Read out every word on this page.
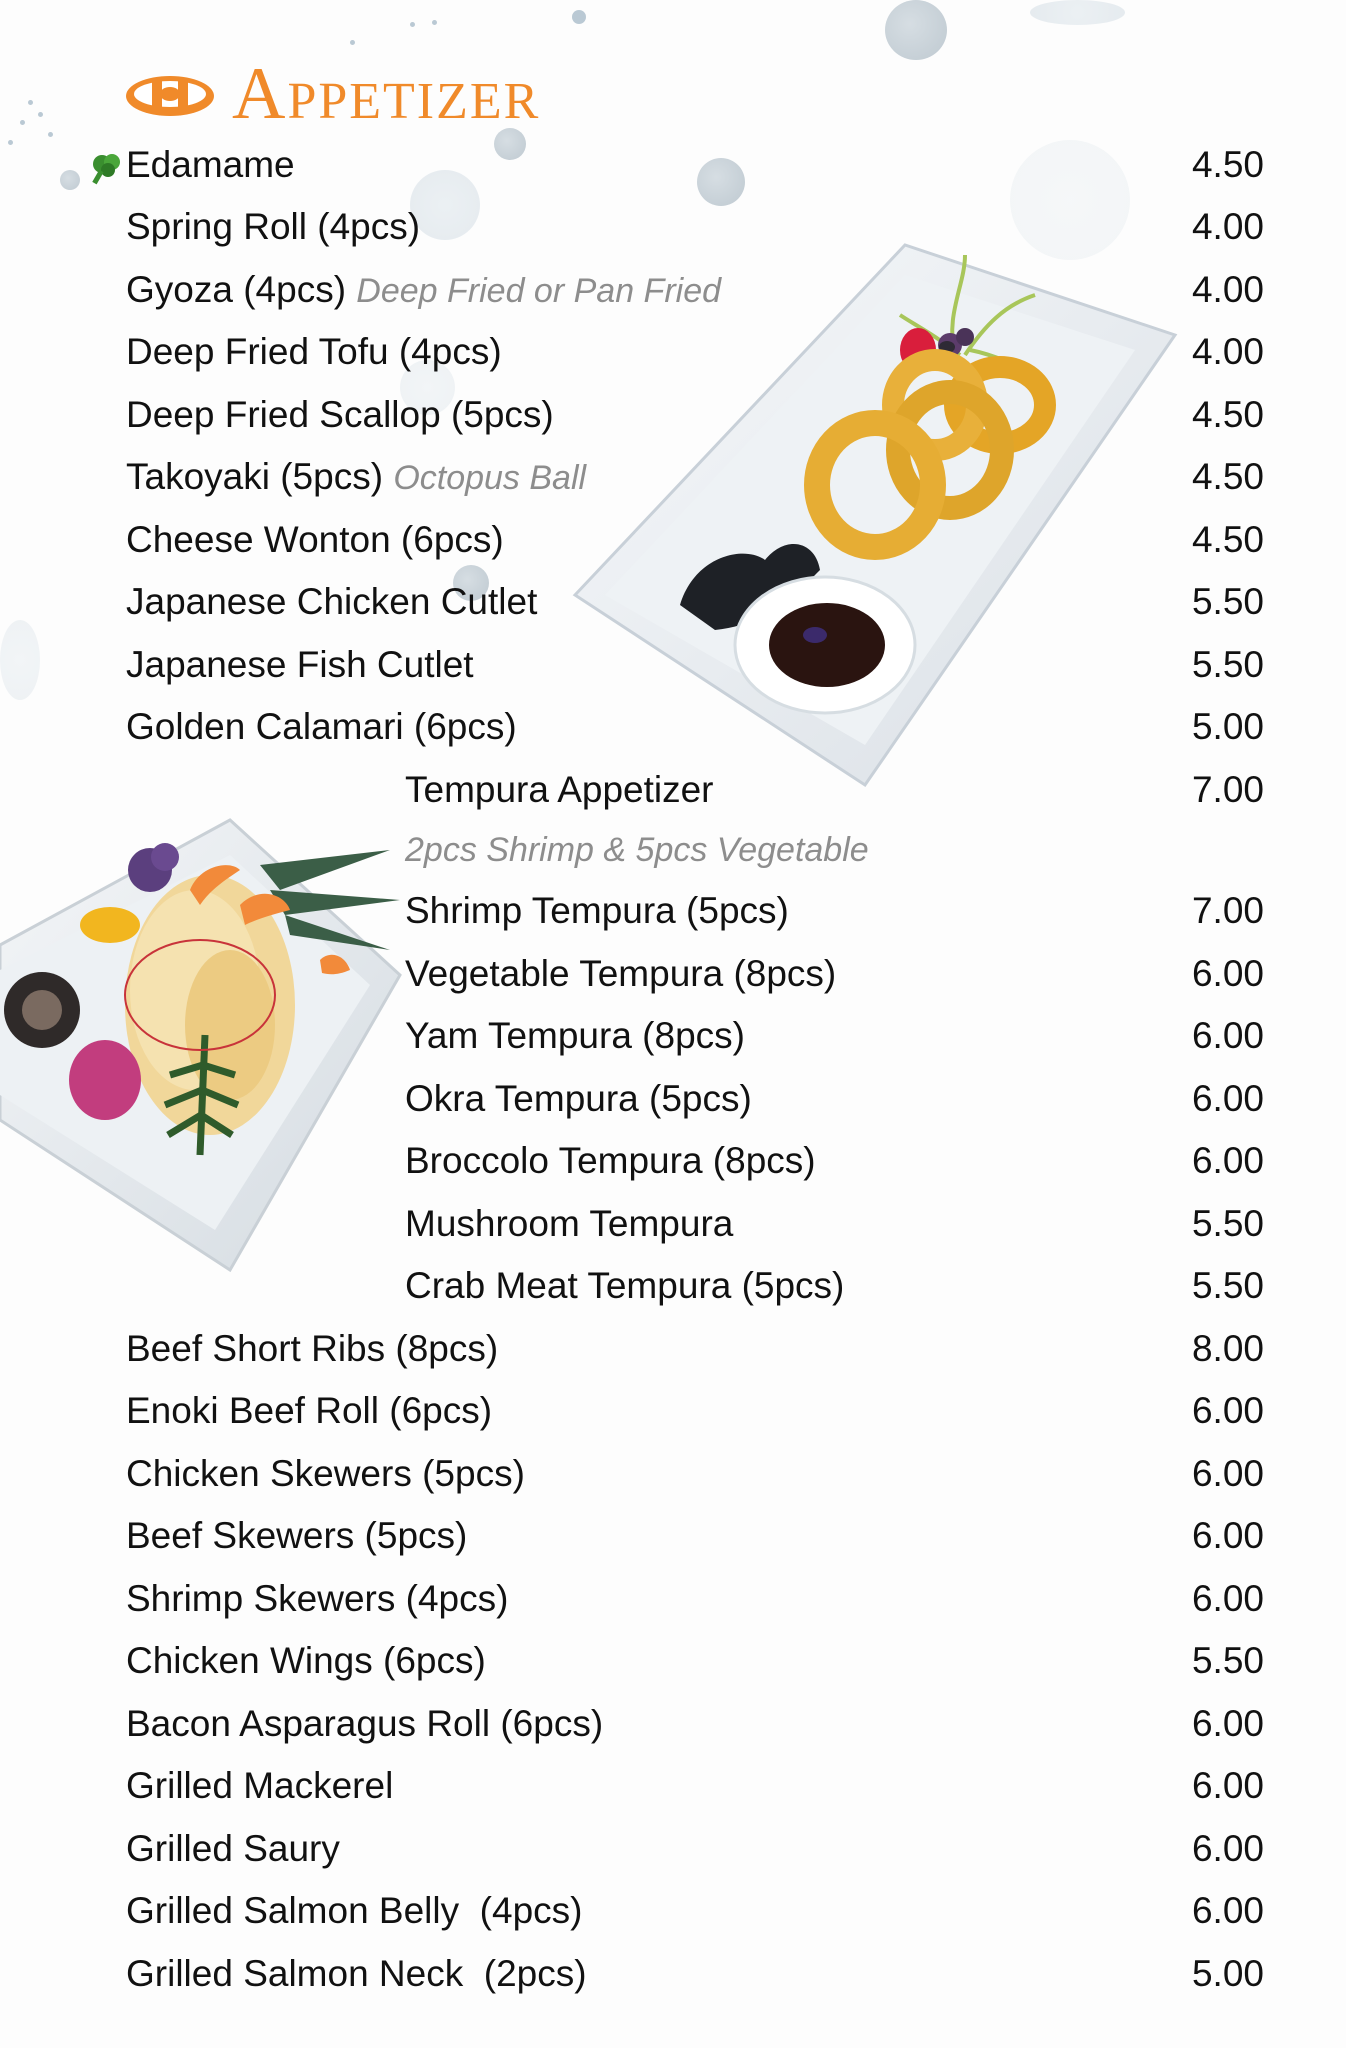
Appetizer
Edamame	4.50
Spring Roll (4pcs)	4.00
Gyoza (4pcs) Deep Fried or Pan Fried	4.00
Deep Fried Tofu (4pcs)	4.00
Deep Fried Scallop (5pcs)	4.50
Takoyaki (5pcs) Octopus Ball	4.50
Cheese Wonton (6pcs)	4.50
Japanese Chicken Cutlet	5.50
Japanese Fish Cutlet	5.50
Golden Calamari (6pcs)	5.00
Tempura Appetizer	7.00
2pcs Shrimp & 5pcs Vegetable
Shrimp Tempura (5pcs)	7.00
Vegetable Tempura (8pcs)	6.00
Yam Tempura (8pcs)	6.00
Okra Tempura (5pcs)	6.00
Broccolo Tempura (8pcs)	6.00
Mushroom Tempura	5.50
Crab Meat Tempura (5pcs)	5.50
Beef Short Ribs (8pcs)	8.00
Enoki Beef Roll (6pcs)	6.00
Chicken Skewers (5pcs)	6.00
Beef Skewers (5pcs)	6.00
Shrimp Skewers (4pcs)	6.00
Chicken Wings (6pcs)	5.50
Bacon Asparagus Roll (6pcs)	6.00
Grilled Mackerel	6.00
Grilled Saury	6.00
Grilled Salmon Belly  (4pcs)	6.00
Grilled Salmon Neck  (2pcs)	5.00
